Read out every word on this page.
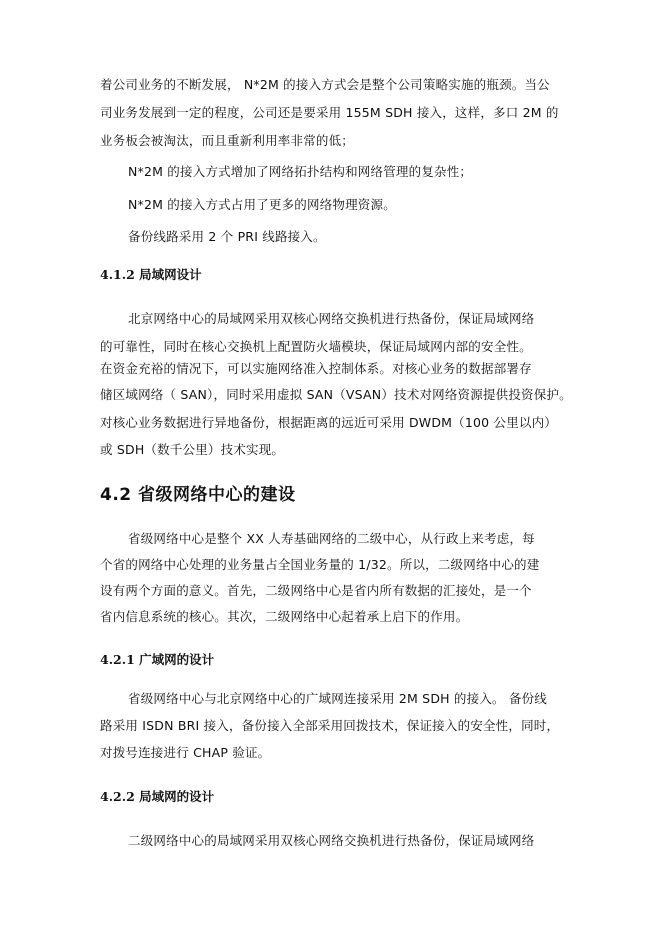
着公司业务的不断发展， N*2M 的接入方式会是整个公司策略实施的瓶颈。当公
司业务发展到一定的程度，公司还是要采用 155M SDH 接入，这样，多口 2M 的
业务板会被淘汰，而且重新利用率非常的低；
N*2M 的接入方式增加了网络拓扑结构和网络管理的复杂性；
N*2M 的接入方式占用了更多的网络物理资源。
备份线路采用 2 个 PRI 线路接入。
4.1.2 局域网设计
北京网络中心的局域网采用双核心网络交换机进行热备份，保证局域网络
的可靠性，同时在核心交换机上配置防火墙模块，保证局域网内部的安全性。
在资金充裕的情况下，可以实施网络准入控制体系。对核心业务的数据部署存
储区域网络（ SAN），同时采用虚拟 SAN（VSAN）技术对网络资源提供投资保护。
对核心业务数据进行异地备份，根据距离的远近可采用 DWDM（100 公里以内）
或 SDH（数千公里）技术实现。
4.2 省级网络中心的建设
省级网络中心是整个 XX 人寿基础网络的二级中心，从行政上来考虑，每
个省的网络中心处理的业务量占全国业务量的 1/32。所以，二级网络中心的建
设有两个方面的意义。首先，二级网络中心是省内所有数据的汇接处，是一个
省内信息系统的核心。其次，二级网络中心起着承上启下的作用。
4.2.1 广域网的设计
省级网络中心与北京网络中心的广域网连接采用 2M SDH 的接入。 备份线
路采用 ISDN BRI 接入，备份接入全部采用回拨技术，保证接入的安全性，同时，
对拨号连接进行 CHAP 验证。
4.2.2 局域网的设计
二级网络中心的局域网采用双核心网络交换机进行热备份，保证局域网络
